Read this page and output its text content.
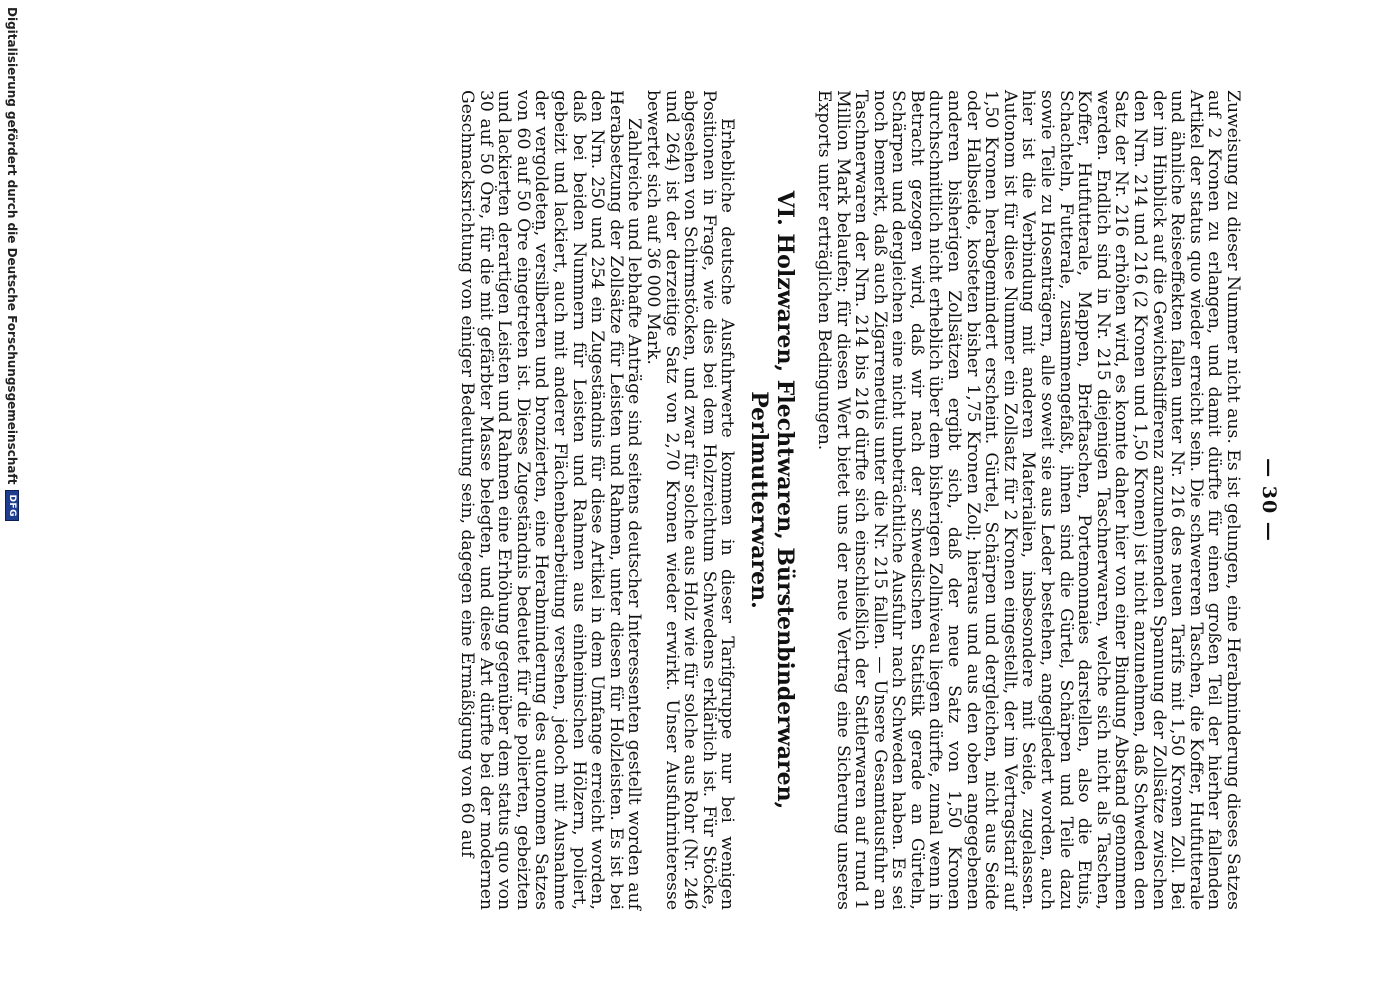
— 30 —

Zuweisung zu dieser Nummer nicht aus. Es ist gelungen, eine Herabminderung dieses Satzes auf 2 Kronen zu erlangen, und damit dürfte für einen großen Teil der hierher fallenden Artikel der status quo wieder erreicht sein. Die schwereren Taschen, die Koffer, Hutfutterale und ähnliche Reiseeffekten fallen unter Nr. 216 des neuen Tarifs mit 1,50 Kronen Zoll. Bei der im Hinblick auf die Gewichtsdifferenz anzunehmenden Spannung der Zollsätze zwischen den Nrn. 214 und 216 (2 Kronen und 1,50 Kronen) ist nicht anzunehmen, daß Schweden den Satz der Nr. 216 erhöhen wird, es konnte daher hier von einer Bindung Abstand genommen werden. Endlich sind in Nr. 215 diejenigen Taschnerwaren, welche sich nicht als Taschen, Koffer, Hutfutterale, Mappen, Brieftaschen, Portemonnaies darstellen, also die Etuis, Schachteln, Futterale, zusammengefaßt, ihnen sind die Gürtel, Schärpen und Teile dazu sowie Teile zu Hosenträgern, alle soweit sie aus Leder bestehen, angegliedert worden, auch hier ist die Verbindung mit anderen Materialien, insbesondere mit Seide, zugelassen. Autonom ist für diese Nummer ein Zollsatz für 2 Kronen eingestellt, der im Vertragstarif auf 1,50 Kronen herabgemindert erscheint. Gürtel, Schärpen und dergleichen, nicht aus Seide oder Halbseide, kosteten bisher 1,75 Kronen Zoll; hieraus und aus den oben angegebenen anderen bisherigen Zollsätzen ergibt sich, daß der neue Satz von 1,50 Kronen durchschnittlich nicht erheblich über dem bisherigen Zollniveau liegen dürfte, zumal wenn in Betracht gezogen wird, daß wir nach der schwedischen Statistik gerade an Gürteln, Schärpen und dergleichen eine nicht unbeträchtliche Ausfuhr nach Schweden haben. Es sei noch bemerkt, daß auch Zigarrenetuis unter die Nr. 215 fallen. — Unsere Gesamtausfuhr an Taschnerwaren der Nrn. 214 bis 216 dürfte sich einschließlich der Sattlerwaren auf rund 1 Million Mark belaufen; für diesen Wert bietet uns der neue Vertrag eine Sicherung unseres Exports unter erträglichen Bedingungen.

VI. Holzwaren, Flechtwaren, Bürstenbinderwaren,
Perlmutterwaren.

Erhebliche deutsche Ausfuhrwerte kommen in dieser Tarifgruppe nur bei wenigen Positionen in Frage, wie dies bei dem Holzreichtum Schwedens erklärlich ist. Für Stöcke, abgesehen von Schirmstöcken, und zwar für solche aus Holz wie für solche aus Rohr (Nr. 246 und 264) ist der derzeitige Satz von 2,70 Kronen wieder erwirkt. Unser Ausfuhrinteresse bewertet sich auf 36 000 Mark.

Zahlreiche und lebhafte Anträge sind seitens deutscher Interessenten gestellt worden auf Herabsetzung der Zollsätze für Leisten und Rahmen, unter diesen für Holzleisten. Es ist bei den Nrn. 250 und 254 ein Zugeständnis für diese Artikel in dem Umfange erreicht worden, daß bei beiden Nummern für Leisten und Rahmen aus einheimischen Hölzern, poliert, gebeizt und lackiert, auch mit anderer Flächenbearbeitung versehen, jedoch mit Ausnahme der vergoldeten, versilberten und bronzierten, eine Herabminderung des autonomen Satzes von 60 auf 50 Öre eingetreten ist. Dieses Zugeständnis bedeutet für die polierten, gebeizten und lackierten derartigen Leisten und Rahmen eine Erhöhung gegenüber dem status quo von 30 auf 50 Öre, für die mit gefärbter Masse belegten, und diese Art dürfte bei der modernen Geschmacksrichtung von einiger Bedeutung sein, dagegen eine Ermäßigung von 60 auf

Digitalisierung gefördert durch die Deutsche Forschungsgemeinschaft
DFG
